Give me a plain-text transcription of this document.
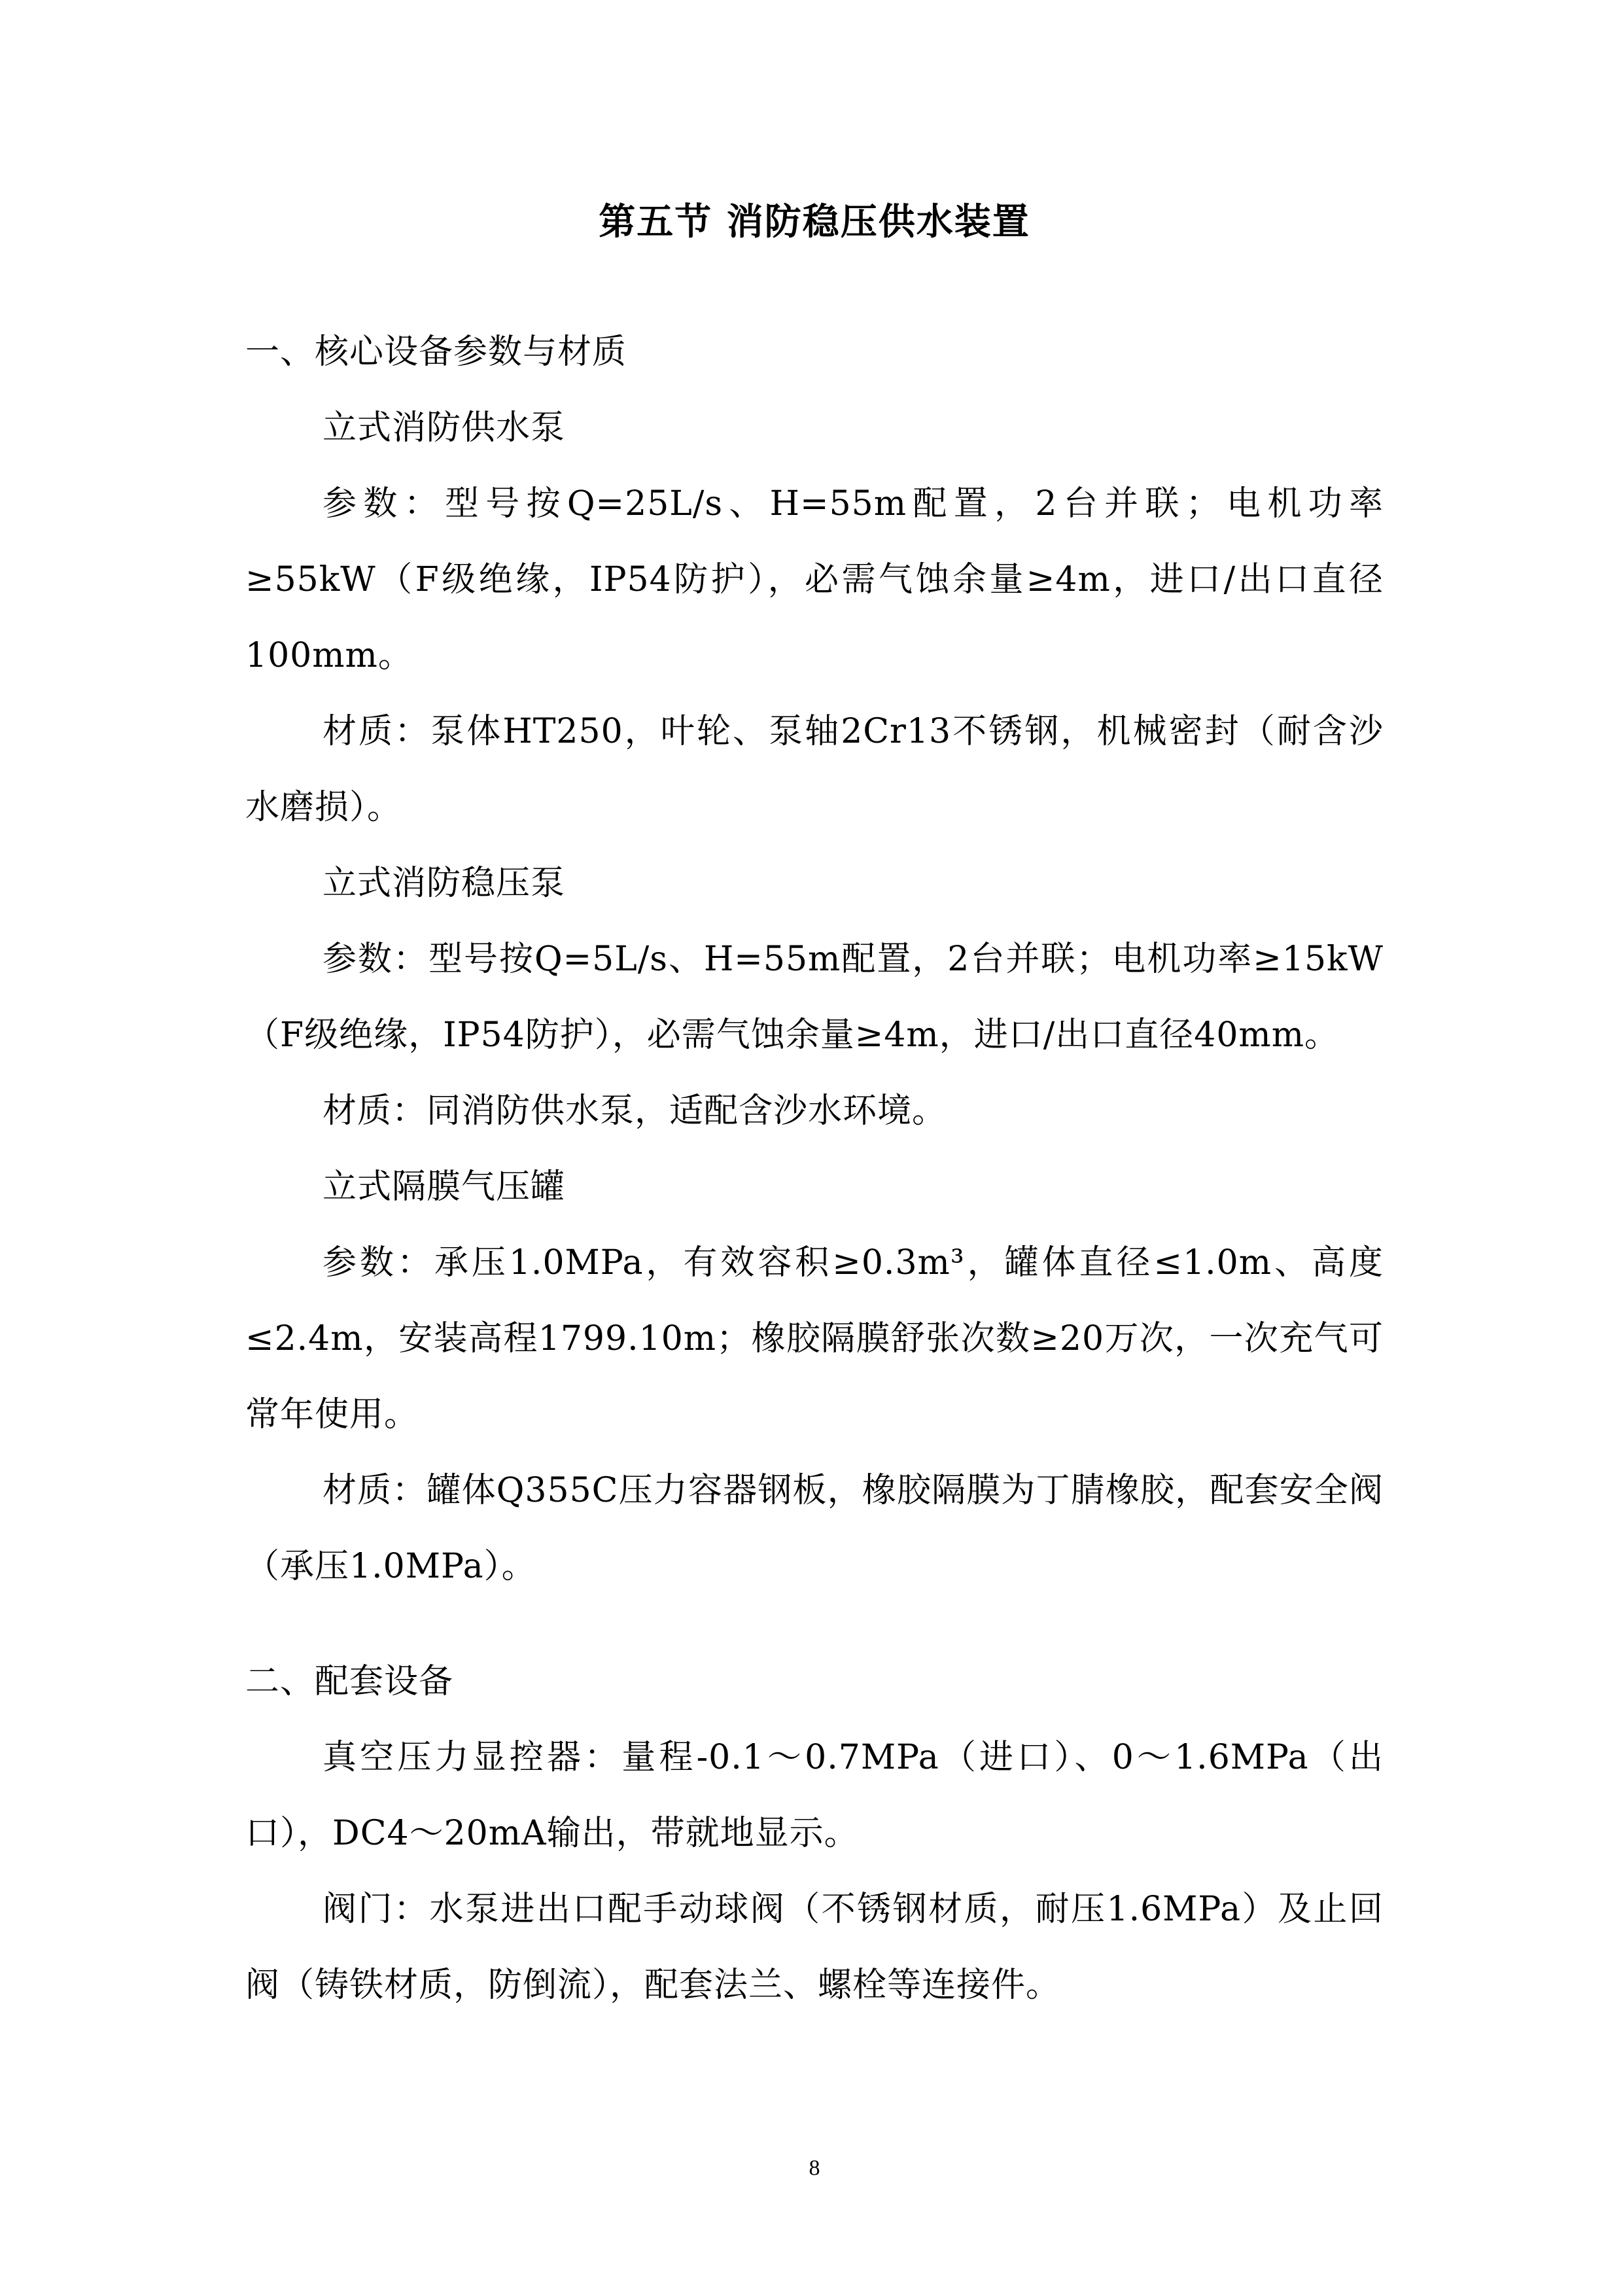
第五节 消防稳压供水装置

一、核心设备参数与材质

立式消防供水泵

参数：型号按Q=25L/s、H=55m配置，2台并联；电机功率≥55kW（F级绝缘，IP54防护），必需气蚀余量≥4m，进口/出口直径100mm。

材质：泵体HT250，叶轮、泵轴2Cr13不锈钢，机械密封（耐含沙水磨损）。

立式消防稳压泵

参数：型号按Q=5L/s、H=55m配置，2台并联；电机功率≥15kW（F级绝缘，IP54防护），必需气蚀余量≥4m，进口/出口直径40mm。

材质：同消防供水泵，适配含沙水环境。

立式隔膜气压罐

参数：承压1.0MPa，有效容积≥0.3m³，罐体直径≤1.0m、高度≤2.4m，安装高程1799.10m；橡胶隔膜舒张次数≥20万次，一次充气可常年使用。

材质：罐体Q355C压力容器钢板，橡胶隔膜为丁腈橡胶，配套安全阀（承压1.0MPa）。

二、配套设备

真空压力显控器：量程-0.1～0.7MPa（进口）、0～1.6MPa（出口），DC4～20mA输出，带就地显示。

阀门：水泵进出口配手动球阀（不锈钢材质，耐压1.6MPa）及止回阀（铸铁材质，防倒流），配套法兰、螺栓等连接件。

8
